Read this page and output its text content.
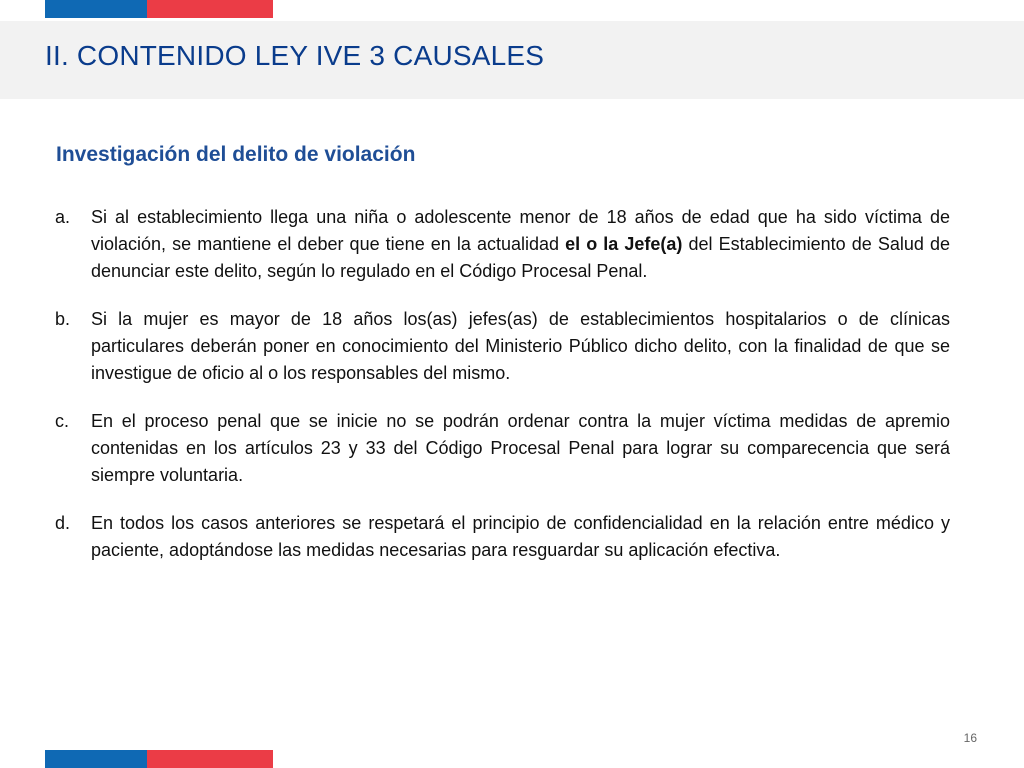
II. CONTENIDO LEY IVE 3 CAUSALES
Investigación del delito de violación
a.	Si al establecimiento llega una niña o adolescente menor de 18 años de edad que ha sido víctima de violación, se mantiene el deber que tiene en la actualidad el o la Jefe(a) del Establecimiento de Salud de denunciar este delito, según lo regulado en el Código Procesal Penal.
b.	Si la mujer es mayor de 18 años los(as) jefes(as) de establecimientos hospitalarios o de clínicas particulares deberán poner en conocimiento del Ministerio Público dicho delito, con la finalidad de que se investigue de oficio al o los responsables del mismo.
c.	En el proceso penal que se inicie no se podrán ordenar contra la mujer víctima medidas de apremio contenidas en los artículos 23 y 33 del Código Procesal Penal para lograr su comparecencia que será siempre voluntaria.
d.	En todos los casos anteriores se respetará el principio de confidencialidad en la relación entre médico y paciente, adoptándose las medidas necesarias para resguardar su aplicación efectiva.
16
